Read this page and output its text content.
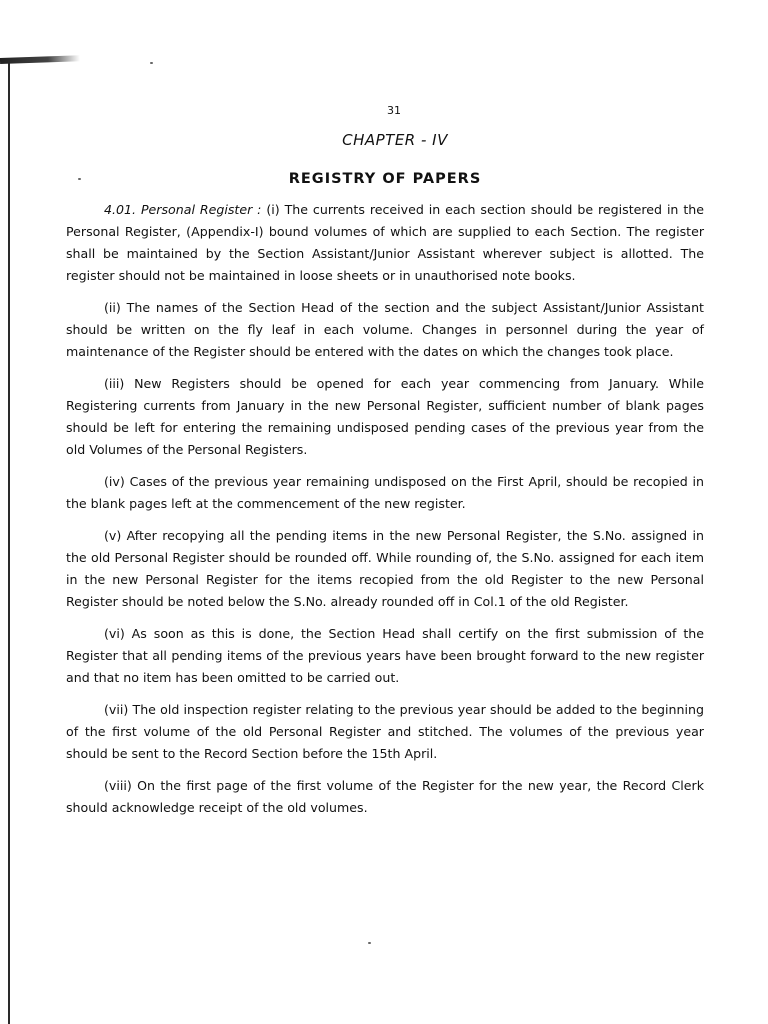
31
CHAPTER - IV
REGISTRY OF PAPERS

4.01. Personal Register : (i) The currents received in each section should be registered in the Personal Register, (Appendix-I) bound volumes of which are supplied to each Section. The register shall be maintained by the Section Assistant/Junior Assistant wherever subject is allotted. The register should not be maintained in loose sheets or in unauthorised note books.

(ii) The names of the Section Head of the section and the subject Assistant/Junior Assistant should be written on the fly leaf in each volume. Changes in personnel during the year of maintenance of the Register should be entered with the dates on which the changes took place.

(iii) New Registers should be opened for each year commencing from January. While Registering currents from January in the new Personal Register, sufficient number of blank pages should be left for entering the remaining undisposed pending cases of the previous year from the old Volumes of the Personal Registers.

(iv) Cases of the previous year remaining undisposed on the First April, should be recopied in the blank pages left at the commencement of the new register.

(v) After recopying all the pending items in the new Personal Register, the S.No. assigned in the old Personal Register should be rounded off. While rounding of, the S.No. assigned for each item in the new Personal Register for the items recopied from the old Register to the new Personal Register should be noted below the S.No. already rounded off in Col.1 of the old Register.

(vi) As soon as this is done, the Section Head shall certify on the first submission of the Register that all pending items of the previous years have been brought forward to the new register and that no item has been omitted to be carried out.

(vii) The old inspection register relating to the previous year should be added to the beginning of the first volume of the old Personal Register and stitched. The volumes of the previous year should be sent to the Record Section before the 15th April.

(viii) On the first page of the first volume of the Register for the new year, the Record Clerk should acknowledge receipt of the old volumes.
